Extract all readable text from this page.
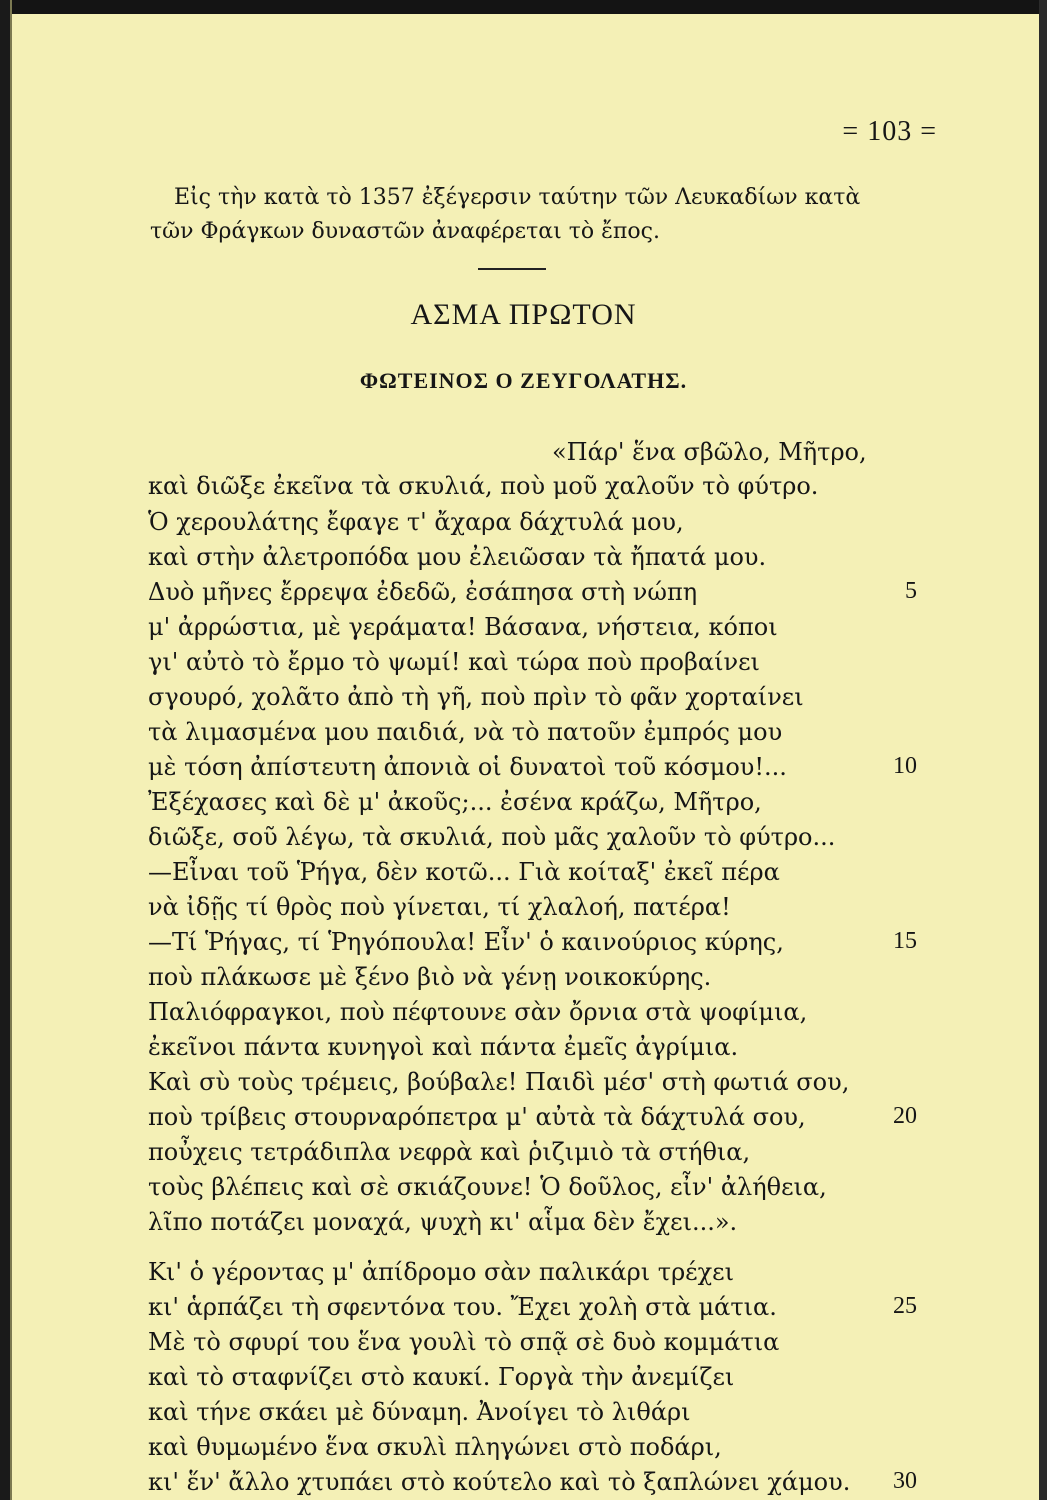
= 103 =
Εἰς τὴν κατὰ τὸ 1357 ἐξέγερσιν ταύτην τῶν Λευκαδίων κατὰ
τῶν Φράγκων δυναστῶν ἀναφέρεται τὸ ἔπος.
ΑΣΜΑ ΠΡΩΤΟΝ
ΦΩΤΕΙΝΟΣ Ο ΖΕΥΓΟΛΑΤΗΣ.
«Πάρ' ἕνα σβῶλο, Μῆτρο,
καὶ διῶξε ἐκεῖνα τὰ σκυλιά, ποὺ μοῦ χαλοῦν τὸ φύτρο.
Ὁ χερουλάτης ἔφαγε τ' ἄχαρα δάχτυλά μου,
καὶ στὴν ἀλετροπόδα μου ἐλειῶσαν τὰ ἤπατά μου.
Δυὸ μῆνες ἔρρεψα ἐδεδῶ, ἐσάπησα στὴ νώπη
μ' ἀρρώστια, μὲ γεράματα! Βάσανα, νήστεια, κόποι
γι' αὐτὸ τὸ ἔρμο τὸ ψωμί! καὶ τώρα ποὺ προβαίνει
σγουρό, χολᾶτο ἀπὸ τὴ γῆ, ποὺ πρὶν τὸ φᾶν χορταίνει
τὰ λιμασμένα μου παιδιά, νὰ τὸ πατοῦν ἐμπρός μου
μὲ τόση ἀπίστευτη ἀπονιὰ οἱ δυνατοὶ τοῦ κόσμου!...
Ἐξέχασες καὶ δὲ μ' ἀκοῦς;... ἐσένα κράζω, Μῆτρο,
διῶξε, σοῦ λέγω, τὰ σκυλιά, ποὺ μᾶς χαλοῦν τὸ φύτρο...
—Εἶναι τοῦ Ῥήγα, δὲν κοτῶ... Γιὰ κοίταξ' ἐκεῖ πέρα
νὰ ἰδῇς τί θρὸς ποὺ γίνεται, τί χλαλοή, πατέρα!
—Τί Ῥήγας, τί Ῥηγόπουλα! Εἶν' ὁ καινούριος κύρης,
ποὺ πλάκωσε μὲ ξένο βιὸ νὰ γένῃ νοικοκύρης.
Παλιόφραγκοι, ποὺ πέφτουνε σὰν ὄρνια στὰ ψοφίμια,
ἐκεῖνοι πάντα κυνηγοὶ καὶ πάντα ἐμεῖς ἀγρίμια.
Καὶ σὺ τοὺς τρέμεις, βούβαλε! Παιδὶ μέσ' στὴ φωτιά σου,
ποὺ τρίβεις στουρναρόπετρα μ' αὐτὰ τὰ δάχτυλά σου,
ποὖχεις τετράδιπλα νεφρὰ καὶ ῥιζιμιὸ τὰ στήθια,
τοὺς βλέπεις καὶ σὲ σκιάζουνε! Ὁ δοῦλος, εἶν' ἀλήθεια,
λῖπο ποτάζει μοναχά, ψυχὴ κι' αἷμα δὲν ἔχει...».
Κι' ὁ γέροντας μ' ἀπίδρομο σὰν παλικάρι τρέχει
κι' ἁρπάζει τὴ σφεντόνα του. Ἔχει χολὴ στὰ μάτια.
Μὲ τὸ σφυρί του ἕνα γουλὶ τὸ σπᾷ σὲ δυὸ κομμάτια
καὶ τὸ σταφνίζει στὸ καυκί. Γοργὰ τὴν ἀνεμίζει
καὶ τήνε σκάει μὲ δύναμη. Ἀνοίγει τὸ λιθάρι
καὶ θυμωμένο ἕνα σκυλὶ πληγώνει στὸ ποδάρι,
κι' ἕν' ἄλλο χτυπάει στὸ κούτελο καὶ τὸ ξαπλώνει χάμου.
5
10
15
20
25
30
